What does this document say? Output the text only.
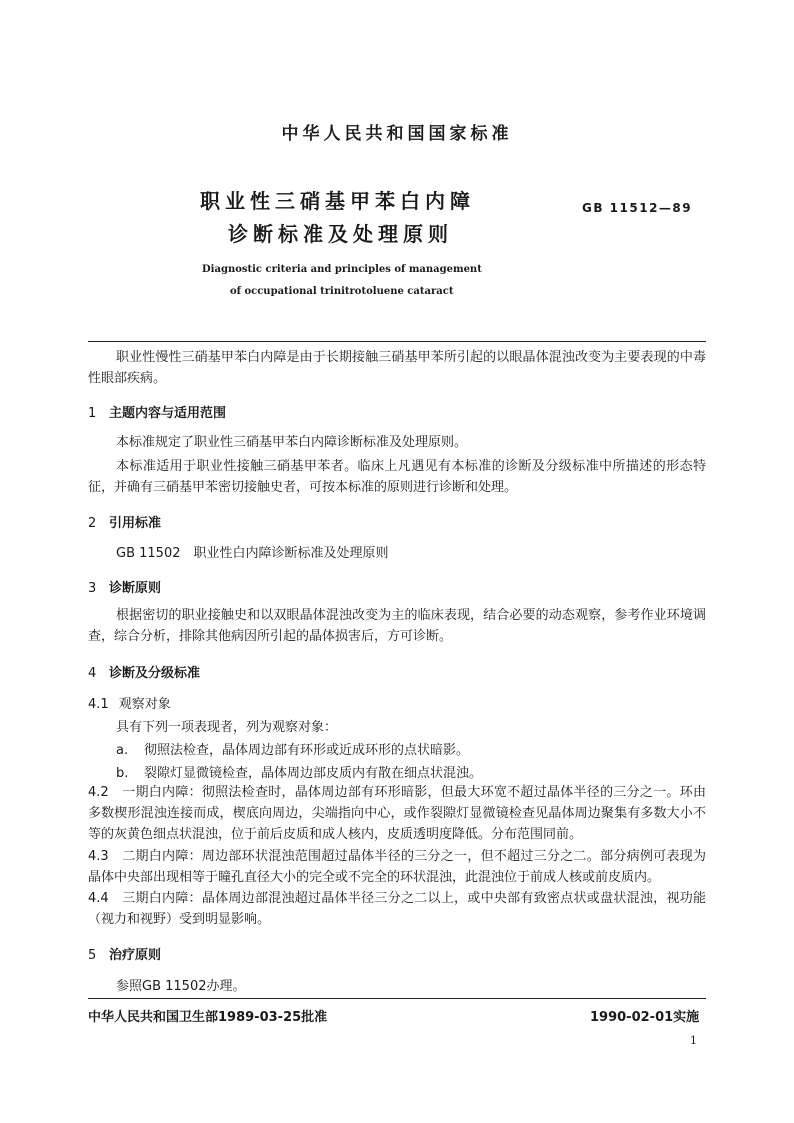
中华人民共和国国家标准

职业性三硝基甲苯白内障

诊断标准及处理原则

GB 11512—89

Diagnostic criteria and principles of management

of occupational trinitrotoluene cataract

职业性慢性三硝基甲苯白内障是由于长期接触三硝基甲苯所引起的以眼晶体混浊改变为主要表现的中毒性眼部疾病。

1 主题内容与适用范围

本标准规定了职业性三硝基甲苯白内障诊断标准及处理原则。

本标准适用于职业性接触三硝基甲苯者。临床上凡遇见有本标准的诊断及分级标准中所描述的形态特征，并确有三硝基甲苯密切接触史者，可按本标准的原则进行诊断和处理。

2 引用标准

GB 11502　职业性白内障诊断标准及处理原则

3 诊断原则

根据密切的职业接触史和以双眼晶体混浊改变为主的临床表现，结合必要的动态观察，参考作业环境调查，综合分析，排除其他病因所引起的晶体损害后，方可诊断。

4 诊断及分级标准

4.1 观察对象

具有下列一项表现者，列为观察对象：

a. 彻照法检查，晶体周边部有环形或近成环形的点状暗影。

b. 裂隙灯显微镜检查，晶体周边部皮质内有散在细点状混浊。

4.2　一期白内障：彻照法检查时，晶体周边部有环形暗影，但最大环宽不超过晶体半径的三分之一。环由多数楔形混浊连接而成，楔底向周边，尖端指向中心，或作裂隙灯显微镜检查见晶体周边聚集有多数大小不等的灰黄色细点状混浊，位于前后皮质和成人核内，皮质透明度降低。分布范围同前。

4.3　二期白内障：周边部环状混浊范围超过晶体半径的三分之一，但不超过三分之二。部分病例可表现为晶体中央部出现相等于瞳孔直径大小的完全或不完全的环状混浊，此混浊位于前成人核或前皮质内。

4.4　三期白内障：晶体周边部混浊超过晶体半径三分之二以上，或中央部有致密点状或盘状混浊，视功能（视力和视野）受到明显影响。

5 治疗原则

参照GB 11502办理。

中华人民共和国卫生部1989-03-25批准	1990-02-01实施

1
